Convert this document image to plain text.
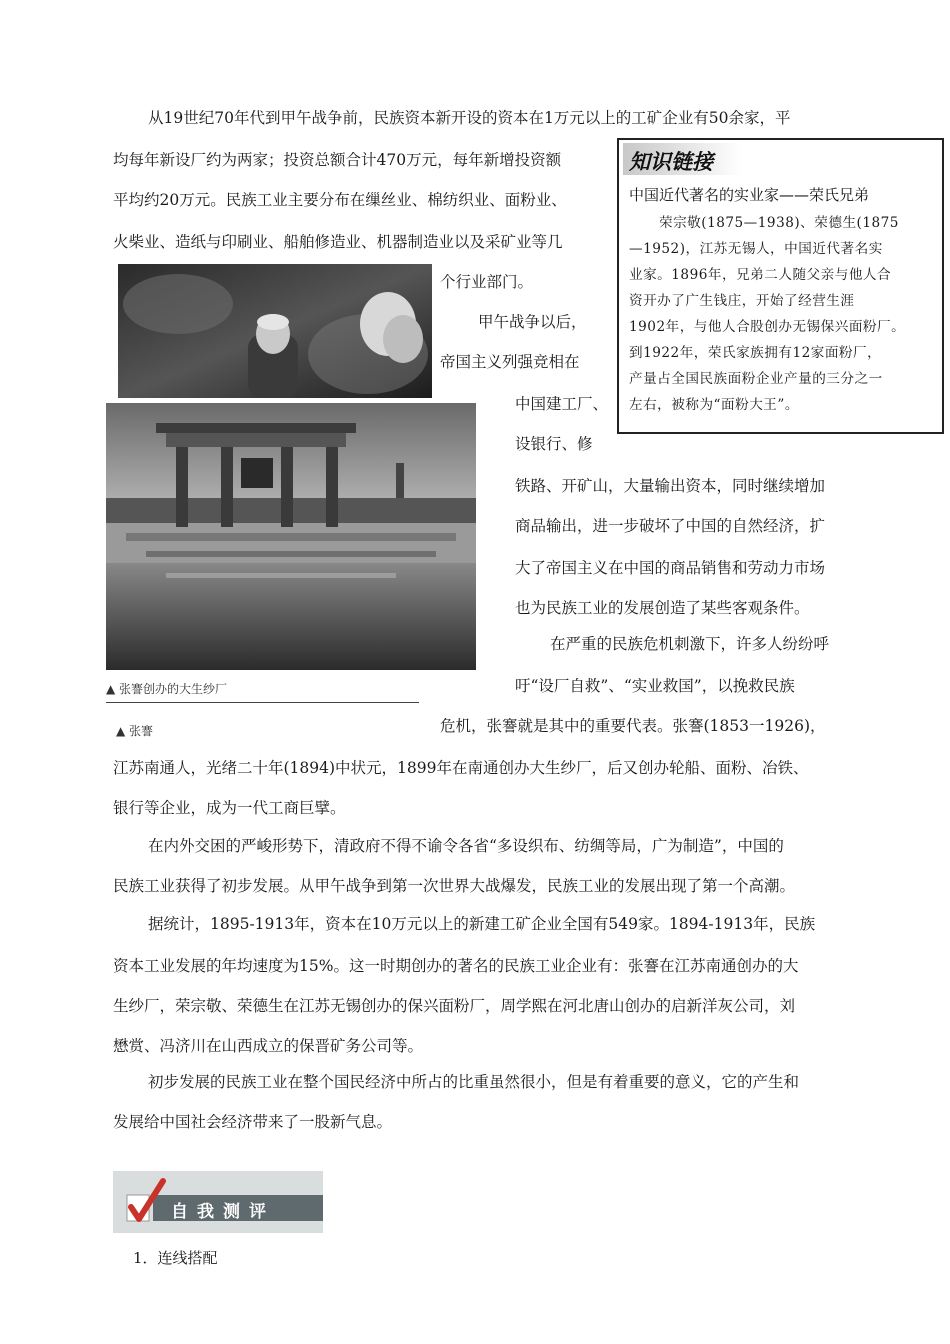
从19世纪70年代到甲午战争前，民族资本新开设的资本在1万元以上的工矿企业有50余家，平
均每年新设厂约为两家；投资总额合计470万元，每年新增投资额
平均约20万元。民族工业主要分布在缫丝业、棉纺织业、面粉业、
火柴业、造纸与印刷业、船舶修造业、机器制造业以及采矿业等几
个行业部门。
甲午战争以后，
帝国主义列强竞相在
中国建工厂、
设银行、修
铁路、开矿山，大量输出资本，同时继续增加
商品输出，进一步破坏了中国的自然经济，扩
大了帝国主义在中国的商品销售和劳动力市场
也为民族工业的发展创造了某些客观条件。
在严重的民族危机刺激下，许多人纷纷呼
吁“设厂自救”、“实业救国”，以挽救民族
危机，张謇就是其中的重要代表。张謇(1853一1926)，
江苏南通人，光绪二十年(1894)中状元，1899年在南通创办大生纱厂，后又创办轮船、面粉、冶铁、
银行等企业，成为一代工商巨擘。
在内外交困的严峻形势下，清政府不得不谕令各省“多设织布、纺绸等局，广为制造”，中国的
民族工业获得了初步发展。从甲午战争到第一次世界大战爆发，民族工业的发展出现了第一个高潮。
据统计，1895-1913年，资本在10万元以上的新建工矿企业全国有549家。1894-1913年，民族
资本工业发展的年均速度为15%。这一时期创办的著名的民族工业企业有：张謇在江苏南通创办的大
生纱厂，荣宗敬、荣德生在江苏无锡创办的保兴面粉厂，周学熙在河北唐山创办的启新洋灰公司，刘
懋赏、冯济川在山西成立的保晋矿务公司等。
初步发展的民族工业在整个国民经济中所占的比重虽然很小，但是有着重要的意义，它的产生和
发展给中国社会经济带来了一股新气息。
▲ 张謇创办的大生纱厂
▲ 张謇
知识链接
中国近代著名的实业家——荣氏兄弟
荣宗敬(1875—1938)、荣德生(1875
—1952)，江苏无锡人，中国近代著名实
业家。1896年，兄弟二人随父亲与他人合
资开办了广生钱庄，开始了经营生涯
1902年，与他人合股创办无锡保兴面粉厂。
到1922年，荣氏家族拥有12家面粉厂，
产量占全国民族面粉企业产量的三分之一
左右，被称为“面粉大王”。
自我测评
1．连线搭配
